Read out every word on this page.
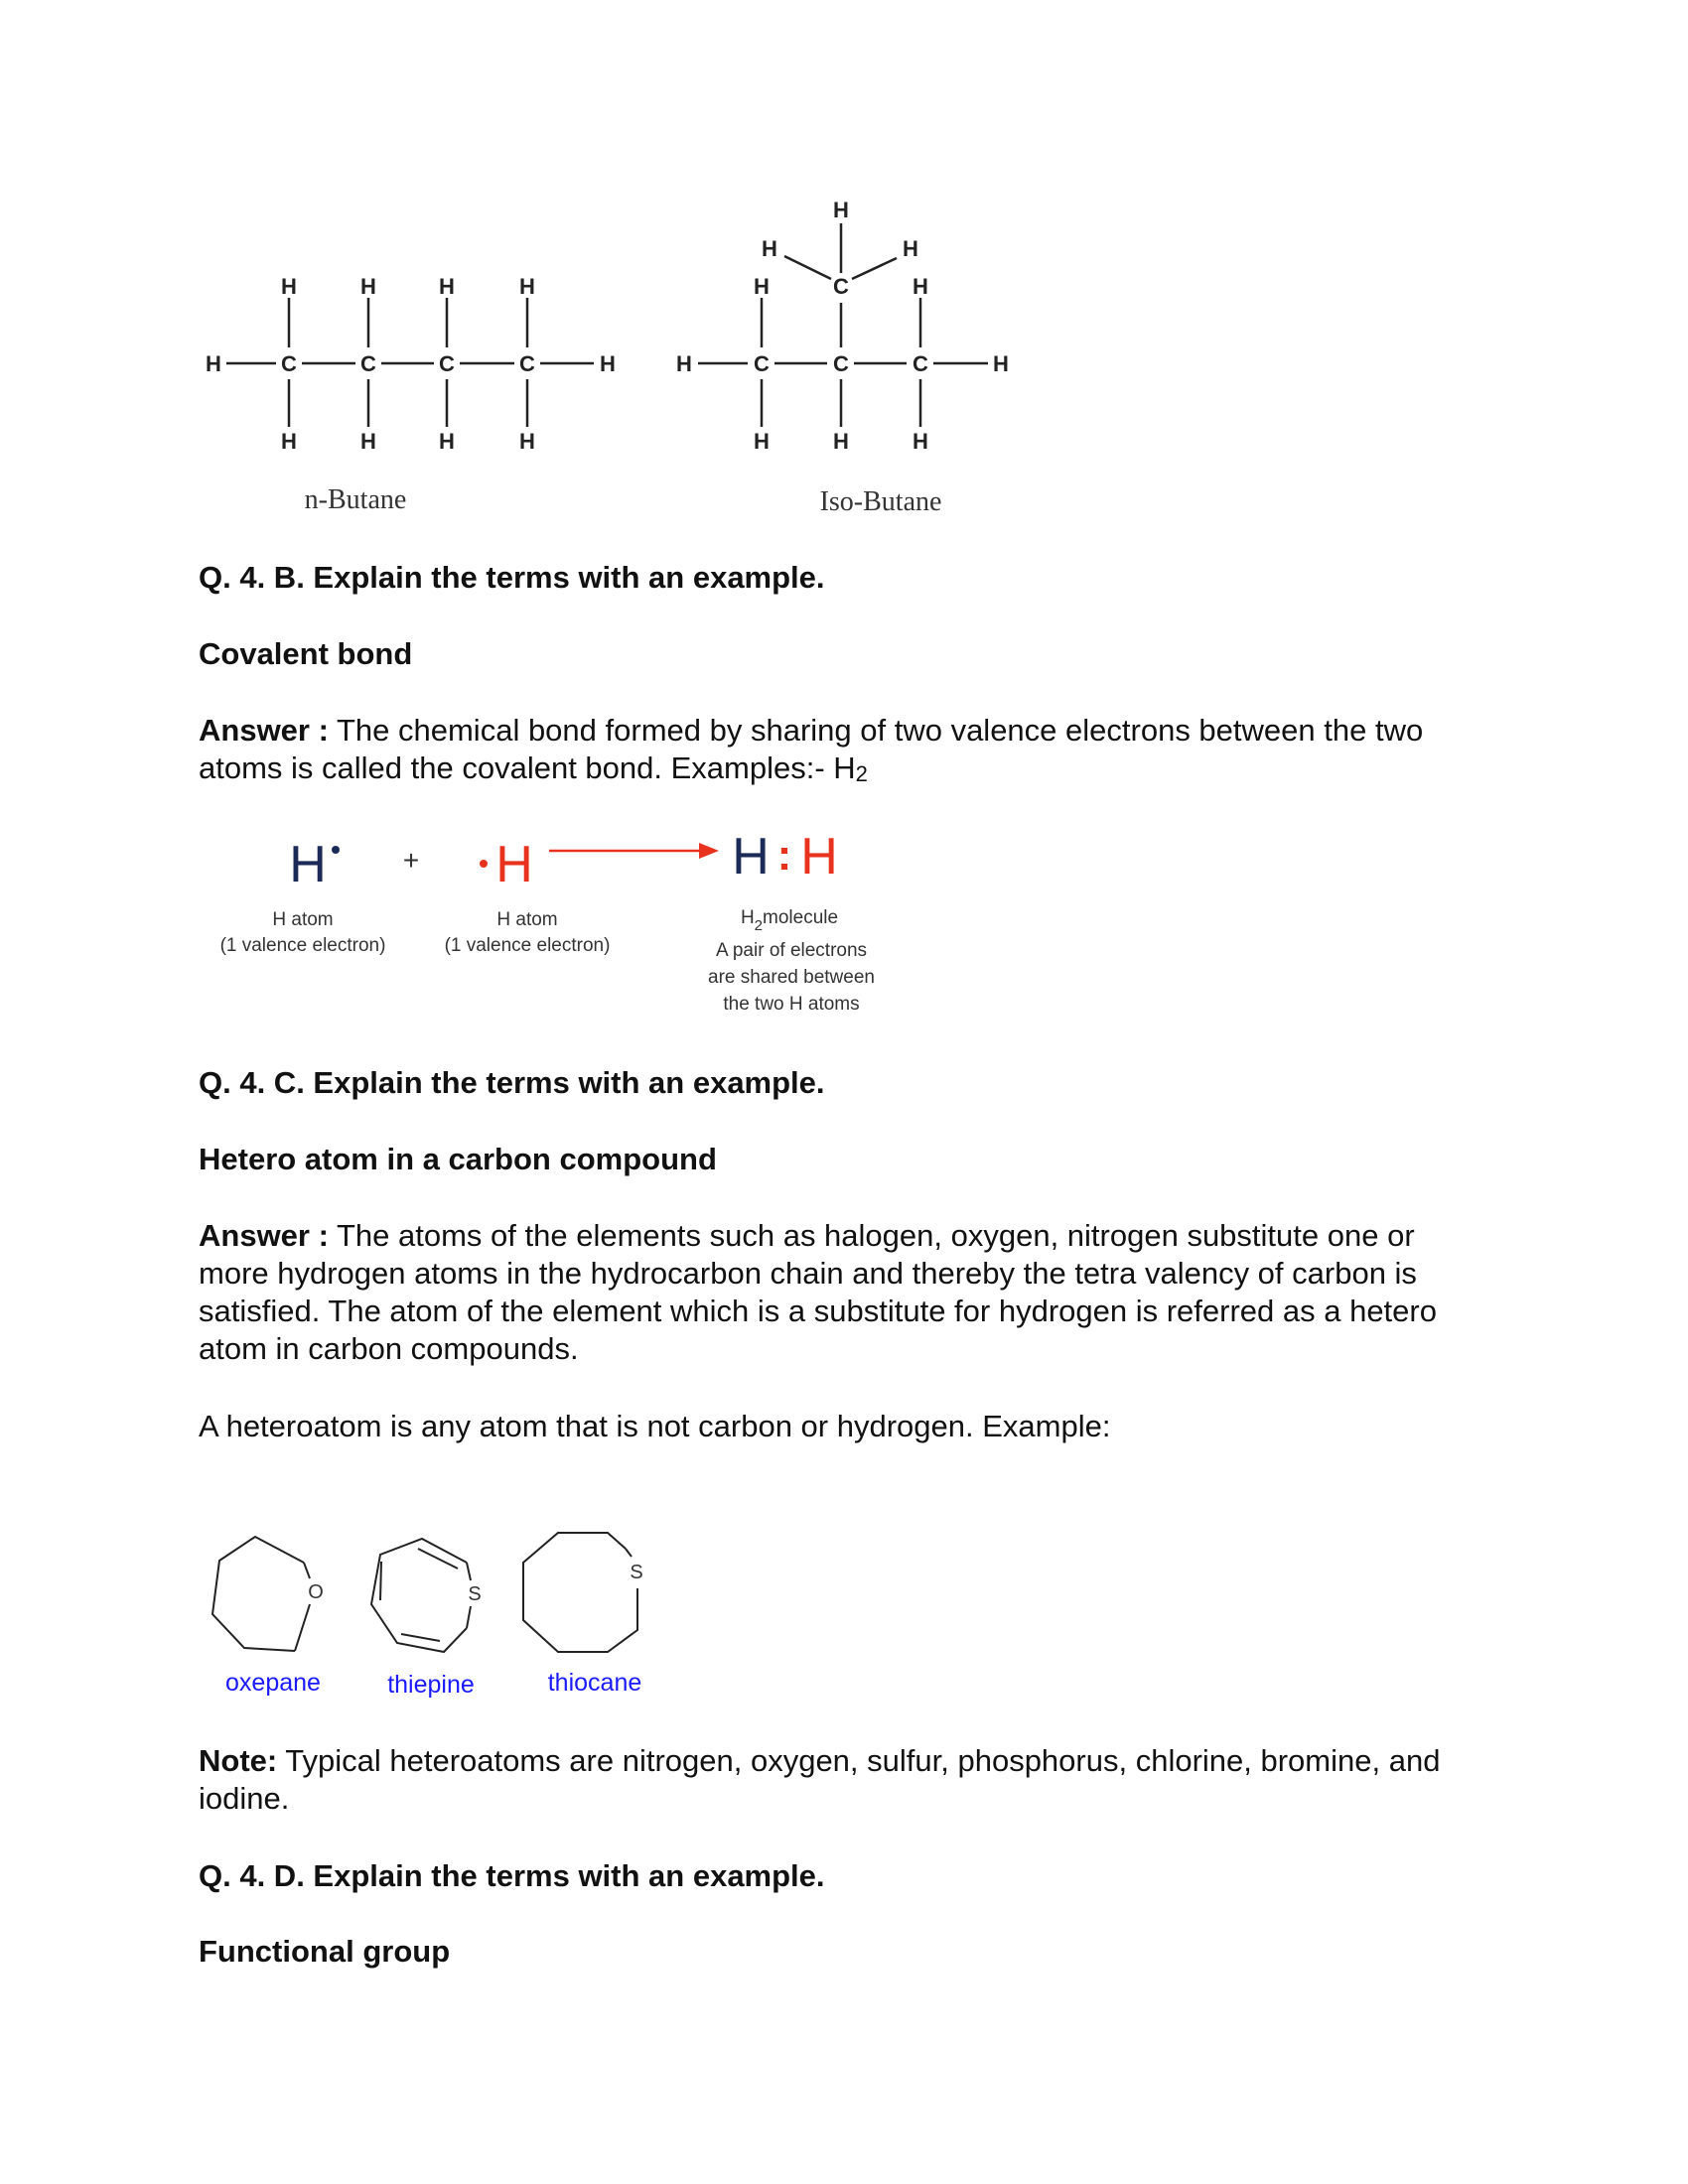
H	C	C	C	C	H
H	H	H	H
H	H	H	H
H	C	C	C	H
H	C	H
H
H	H
H	H	H
n-Butane	Iso-Butane
Q. 4. B. Explain the terms with an example.
Covalent bond
Answer : The chemical bond formed by sharing of two valence electrons between the two atoms is called the covalent bond. Examples:- H2
H	+ H	H : H
H atom
(1 valence electron)
H atom
(1 valence electron)
$H_2molecule$
A pair of electrons
are shared between
the two H atoms
Q. 4. C. Explain the terms with an example.
Hetero atom in a carbon compound
Answer : The atoms of the elements such as halogen, oxygen, nitrogen substitute one or more hydrogen atoms in the hydrocarbon chain and thereby the tetra valency of carbon is satisfied. The atom of the element which is a substitute for hydrogen is referred as a hetero atom in carbon compounds.
A heteroatom is any atom that is not carbon or hydrogen. Example:
O	S
S
oxepane	thiepine	thiocane
Note: Typical heteroatoms are nitrogen, oxygen, sulfur, phosphorus, chlorine, bromine, and iodine.
Q. 4. D. Explain the terms with an example.
Functional group
